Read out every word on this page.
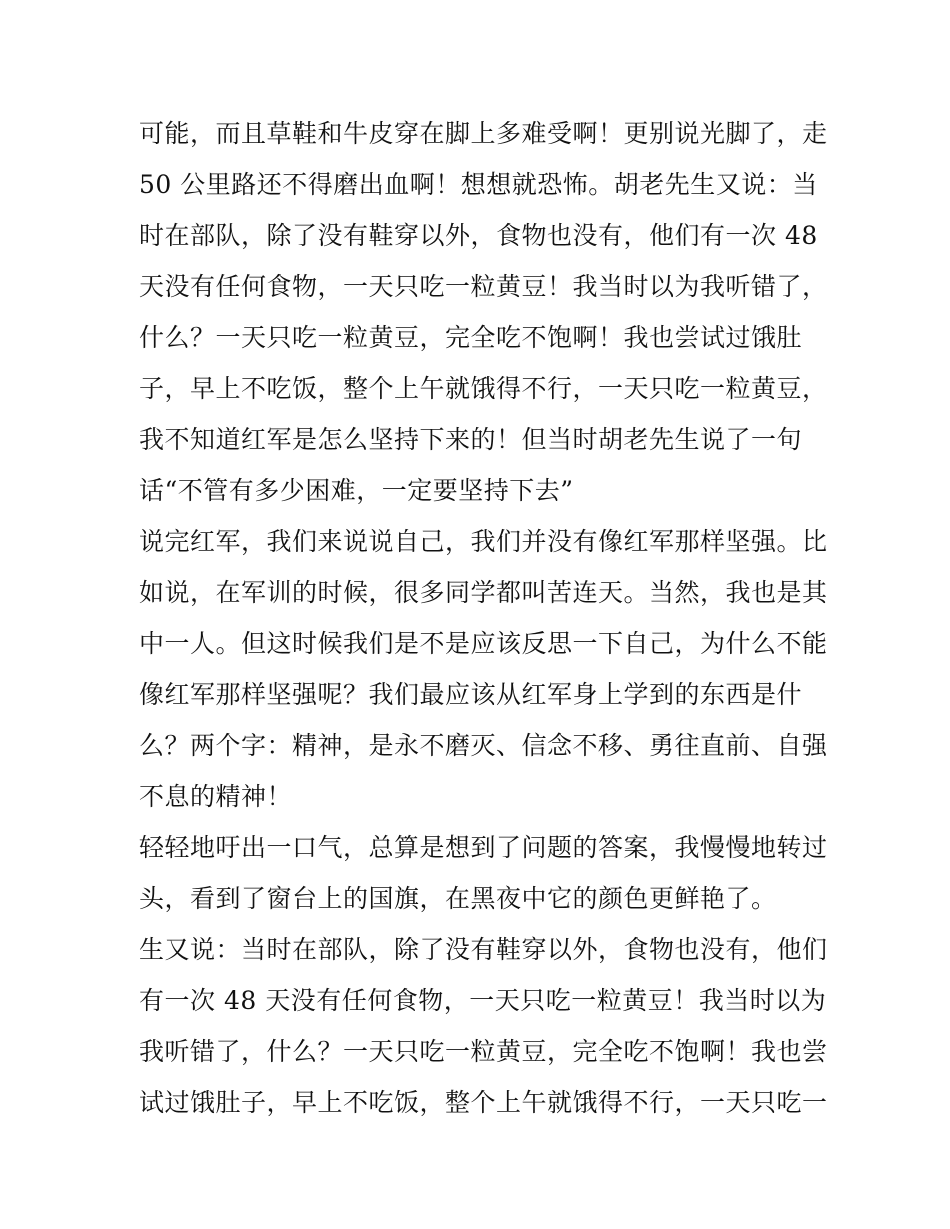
可能，而且草鞋和牛皮穿在脚上多难受啊！更别说光脚了，走
50 公里路还不得磨出血啊！想想就恐怖。胡老先生又说：当
时在部队，除了没有鞋穿以外，食物也没有，他们有一次 48
天没有任何食物，一天只吃一粒黄豆！我当时以为我听错了，
什么？一天只吃一粒黄豆，完全吃不饱啊！我也尝试过饿肚
子，早上不吃饭，整个上午就饿得不行，一天只吃一粒黄豆，
我不知道红军是怎么坚持下来的！但当时胡老先生说了一句
话“不管有多少困难，一定要坚持下去”
说完红军，我们来说说自己，我们并没有像红军那样坚强。比
如说，在军训的时候，很多同学都叫苦连天。当然，我也是其
中一人。但这时候我们是不是应该反思一下自己，为什么不能
像红军那样坚强呢？我们最应该从红军身上学到的东西是什
么？两个字：精神，是永不磨灭、信念不移、勇往直前、自强
不息的精神！
轻轻地吁出一口气，总算是想到了问题的答案，我慢慢地转过
头，看到了窗台上的国旗，在黑夜中它的颜色更鲜艳了。
生又说：当时在部队，除了没有鞋穿以外，食物也没有，他们
有一次 48 天没有任何食物，一天只吃一粒黄豆！我当时以为
我听错了，什么？一天只吃一粒黄豆，完全吃不饱啊！我也尝
试过饿肚子，早上不吃饭，整个上午就饿得不行，一天只吃一
